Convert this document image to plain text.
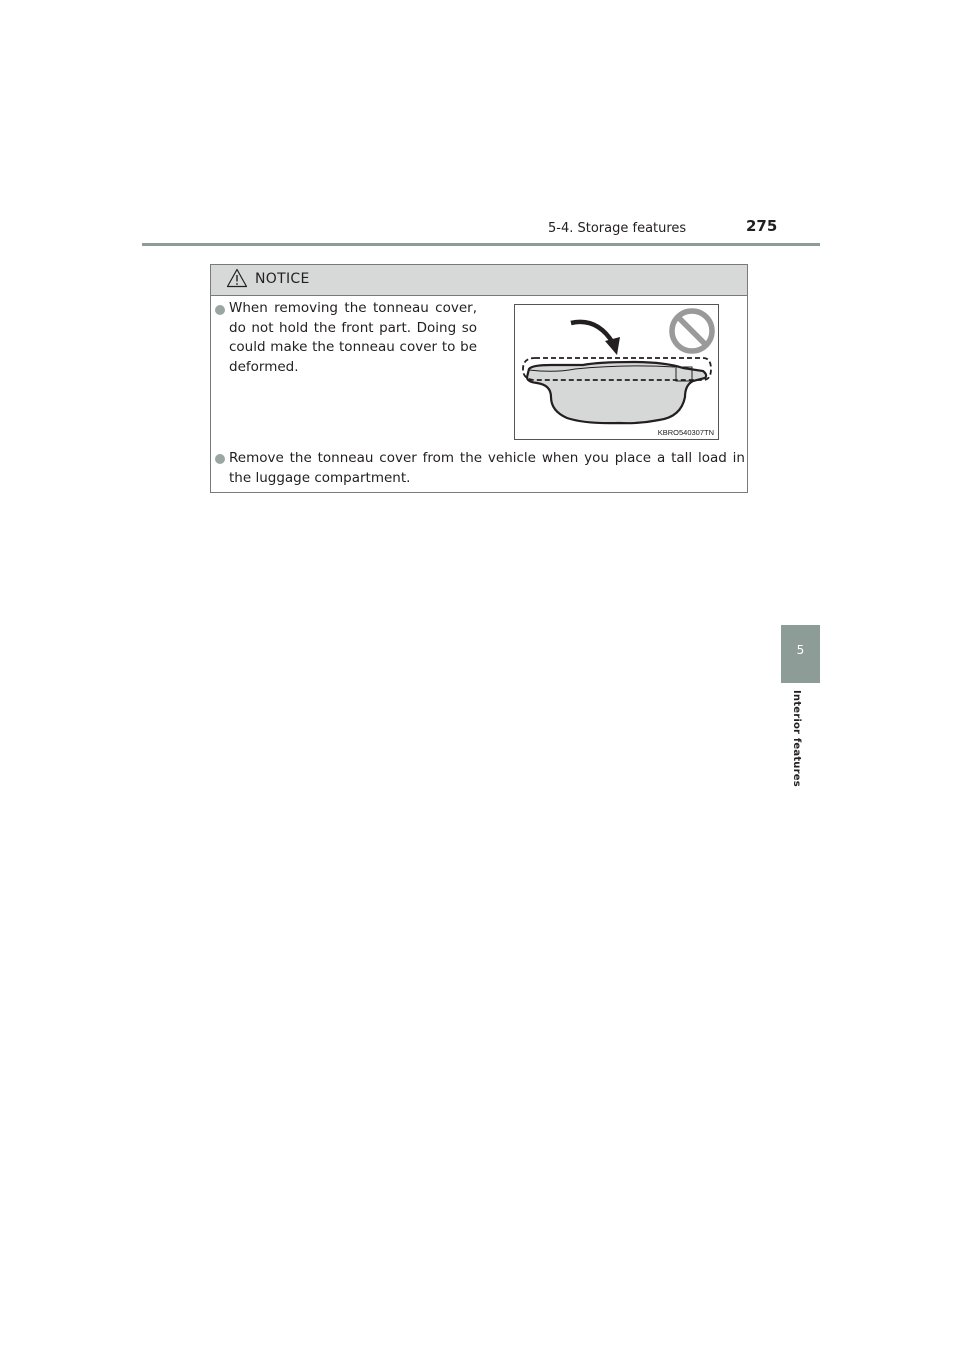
5-4. Storage features	275
NOTICE
When removing the tonneau cover, do not hold the front part. Doing so could make the tonneau cover to be deformed.
KBRO540307TN
Remove the tonneau cover from the vehicle when you place a tall load in the luggage compartment.
5
Interior features
